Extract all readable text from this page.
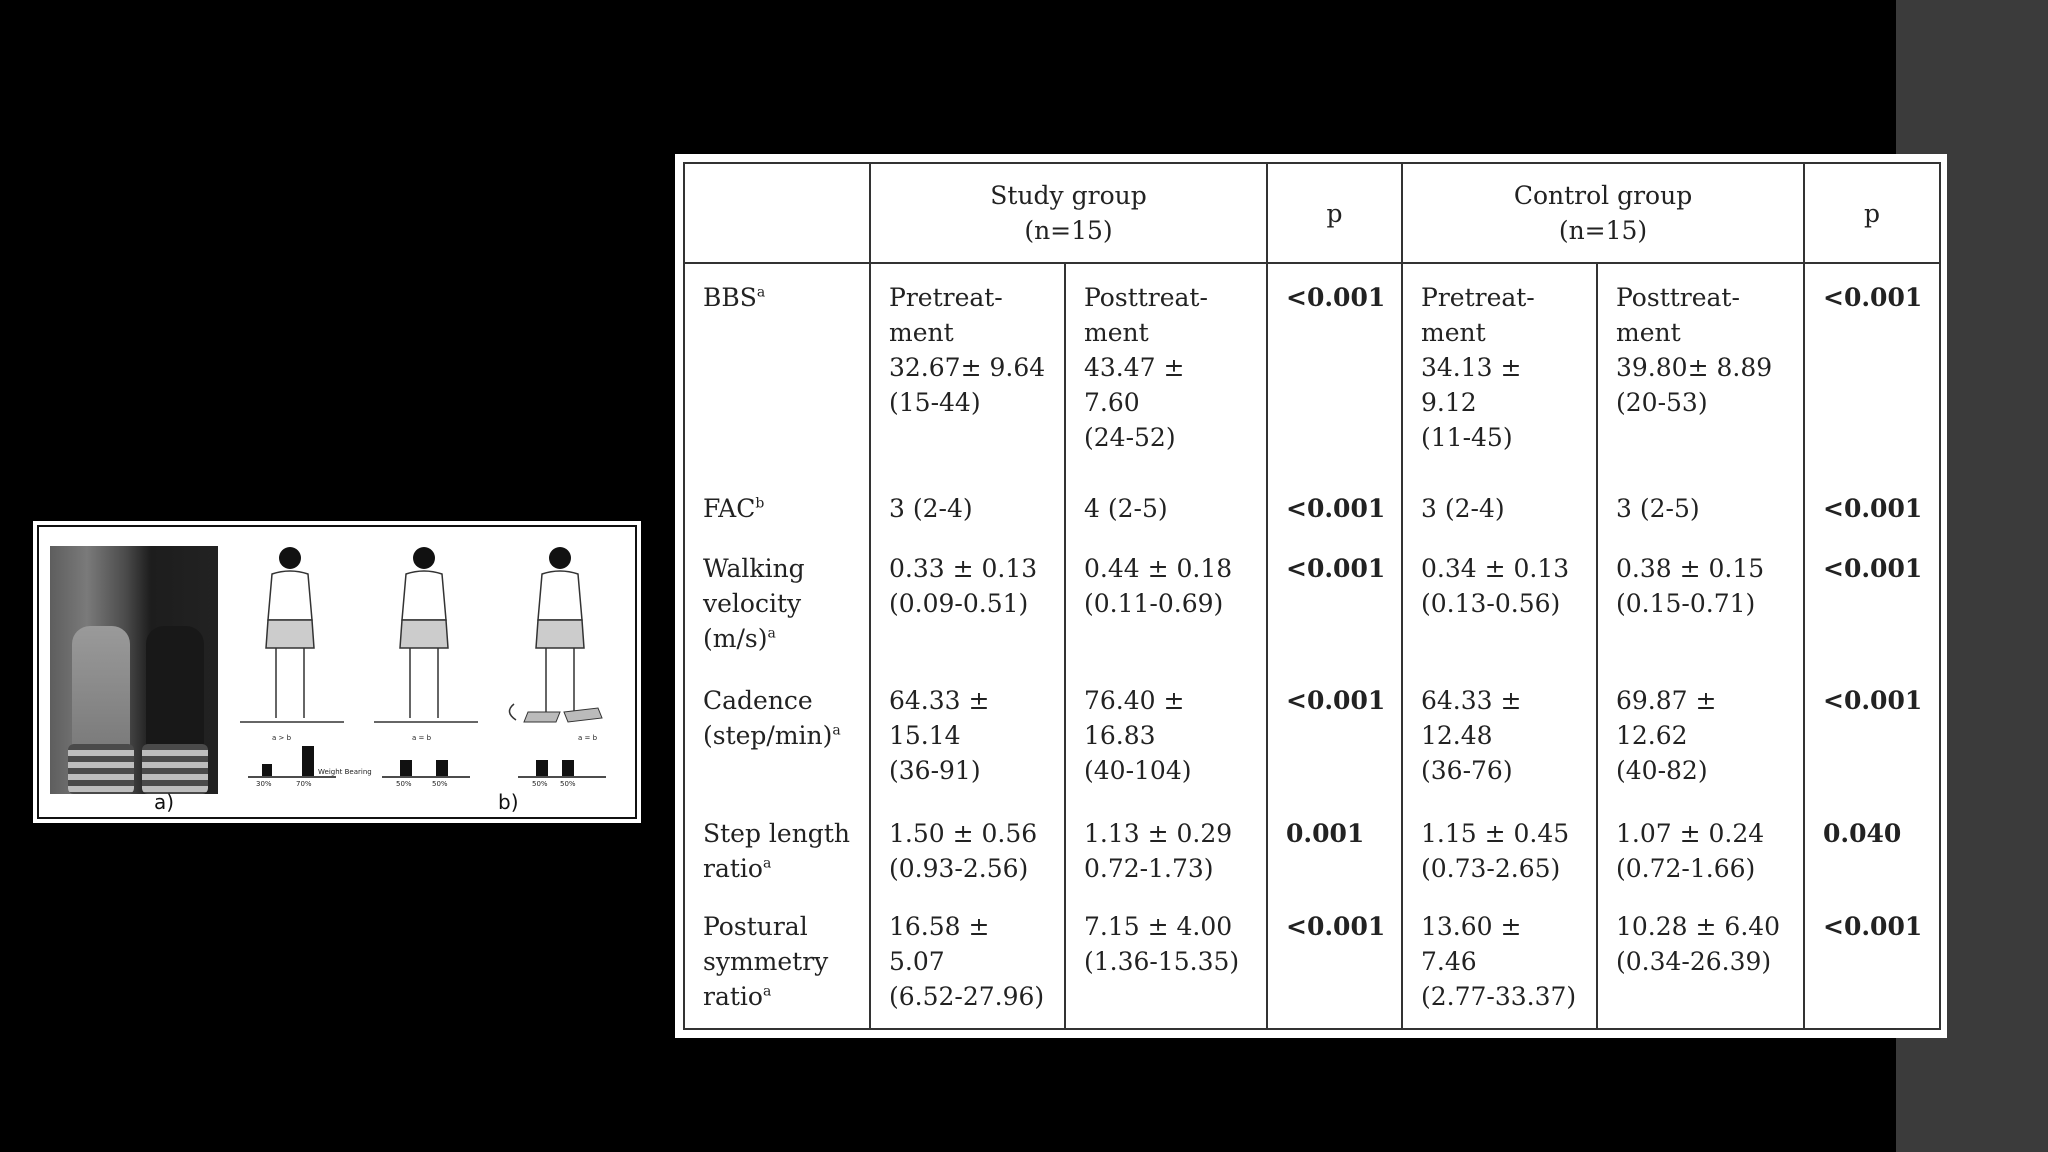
a)	b)
a > b
30%	70%
Weight Bearing
a = b
50%	50%
a = b
50% 50%
	Study group
(n=15)		p	Control group
(n=15)		p
BBS$^a$	Pretreat-
ment
32.67± 9.64
(15-44)	Posttreat-
ment
43.47 ± 7.60
(24-52)	<0.001	Pretreat-
ment
34.13 ± 9.12
(11-45)	Posttreat-
ment
39.80± 8.89
(20-53)	<0.001
FAC$^b$	3 (2-4)	4 (2-5)	<0.001	3 (2-4)	3 (2-5)	<0.001
Walking
velocity
$(m/s)^a$	0.33 ± 0.13
(0.09-0.51)	0.44 ± 0.18
(0.11-0.69)	<0.001	0.34 ± 0.13
(0.13-0.56)	0.38 ± 0.15
(0.15-0.71)	<0.001
Cadence
(step/min)$^a$	64.33 ±
15.14
(36-91)	76.40 ±
16.83
(40-104)	<0.001	64.33 ±
12.48
(36-76)	69.87 ± 12.62
(40-82)	<0.001
Step length
ratio$^a$	1.50 ± 0.56
(0.93-2.56)	1.13 ± 0.29
0.72-1.73)	0.001	1.15 ± 0.45
(0.73-2.65)	1.07 ± 0.24
(0.72-1.66)	0.040
Postural
symmetry
ratio$^a$	16.58 ± 5.07
(6.52-27.96)	7.15 ± 4.00
(1.36-15.35)	<0.001	13.60 ± 7.46
(2.77-33.37)	10.28 ± 6.40
(0.34-26.39)	<0.001
